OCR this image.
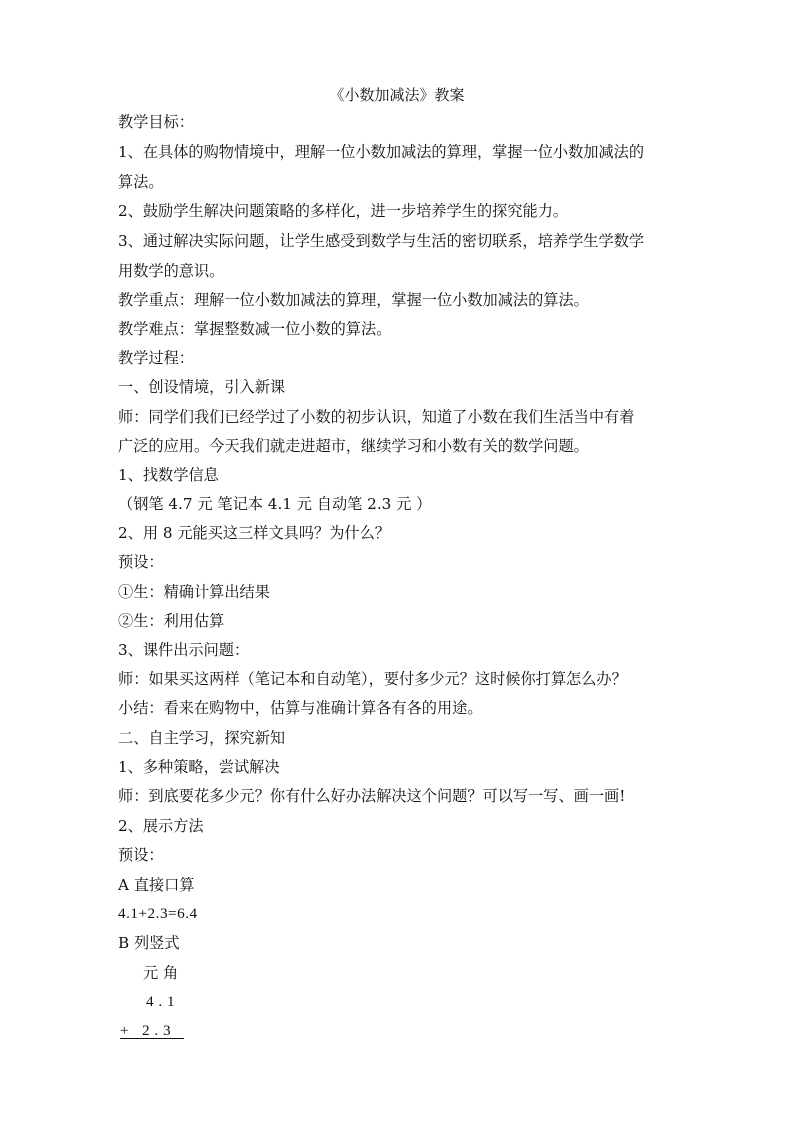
《小数加减法》教案
教学目标：
1、在具体的购物情境中，理解一位小数加减法的算理，掌握一位小数加减法的
算法。
2、鼓励学生解决问题策略的多样化，进一步培养学生的探究能力。
3、通过解决实际问题，让学生感受到数学与生活的密切联系，培养学生学数学
用数学的意识。
教学重点：理解一位小数加减法的算理，掌握一位小数加减法的算法。
教学难点：掌握整数减一位小数的算法。
教学过程：
一、创设情境，引入新课
师：同学们我们已经学过了小数的初步认识，知道了小数在我们生活当中有着
广泛的应用。今天我们就走进超市，继续学习和小数有关的数学问题。
1、找数学信息
（钢笔 4.7 元 笔记本 4.1 元 自动笔 2.3 元 ）
2、用 8 元能买这三样文具吗？为什么？
预设：
①生：精确计算出结果
②生：利用估算
3、课件出示问题：
师：如果买这两样（笔记本和自动笔），要付多少元？这时候你打算怎么办？
小结：看来在购物中，估算与准确计算各有各的用途。
二、自主学习，探究新知
1、多种策略，尝试解决
师：到底要花多少元？你有什么好办法解决这个问题？可以写一写、画一画!
2、展示方法
预设：
A 直接口算
4.1+2.3=6.4
B 列竖式
元 角
4 . 1
+   2 . 3
